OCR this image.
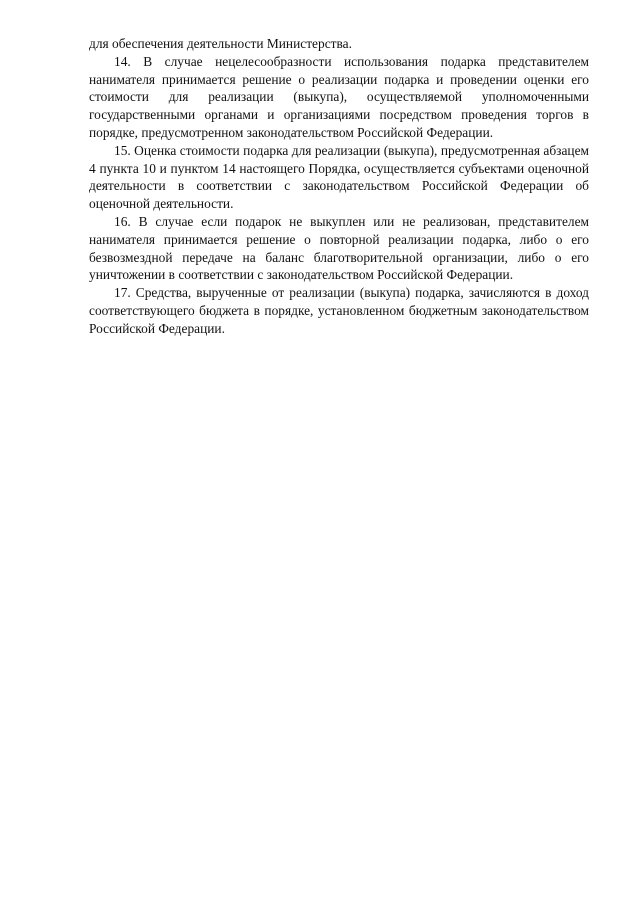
для обеспечения деятельности Министерства.

14. В случае нецелесообразности использования подарка представителем нанимателя принимается решение о реализации подарка и проведении оценки его стоимости для реализации (выкупа), осуществляемой уполномоченными государственными органами и организациями посредством проведения торгов в порядке, предусмотренном законодательством Российской Федерации.

15. Оценка стоимости подарка для реализации (выкупа), предусмотренная абзацем 4 пункта 10 и пунктом 14 настоящего Порядка, осуществляется субъектами оценочной деятельности в соответствии с законодательством Российской Федерации об оценочной деятельности.

16. В случае если подарок не выкуплен или не реализован, представителем нанимателя принимается решение о повторной реализации подарка, либо о его безвозмездной передаче на баланс благотворительной организации, либо о его уничтожении в соответствии с законодательством Российской Федерации.

17. Средства, вырученные от реализации (выкупа) подарка, зачисляются в доход соответствующего бюджета в порядке, установленном бюджетным законодательством Российской Федерации.
